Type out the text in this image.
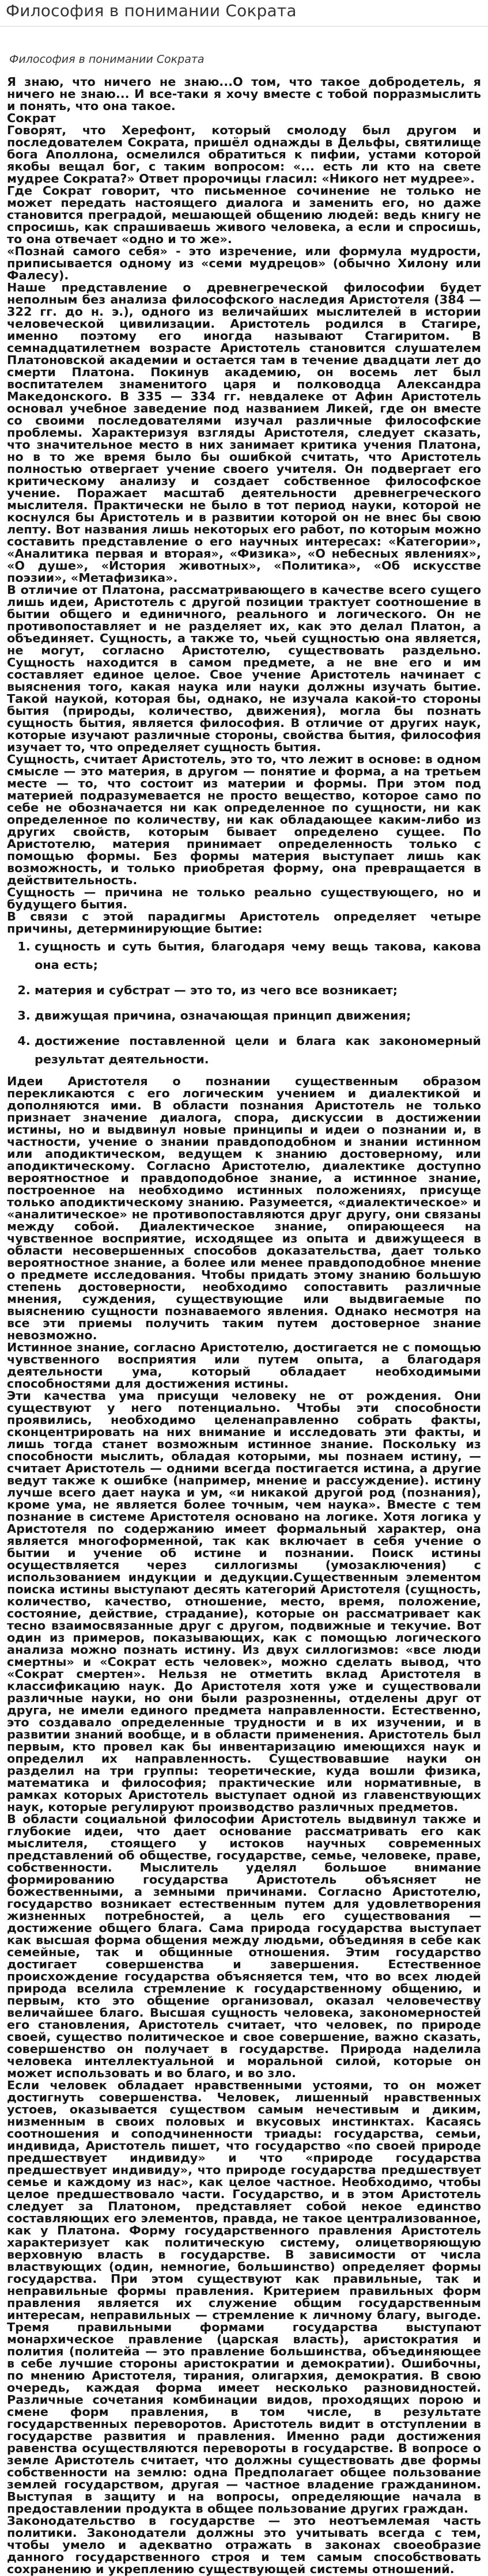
Философия в понимании Сократа
Философия в понимании Сократа

Я знаю, что ничего не знаю...О том, что такое добродетель, я ничего не знаю... И все-таки я хочу вместе с тобой порразмыслить и понять, что она такое.

Сократ

Говорят, что Херефонт, который смолоду был другом и последователем Сократа, пришёл однажды в Дельфы, святилище бога Аполлона, осмелился обратиться к пифии, устами которой якобы вещал бог, с таким вопросом: «... есть ли кто на свете мудрее Сократа?» Ответ пророчицы гласил: «Никого нет мудрее».

Где Сократ говорит, что письменное сочинение не только не может передать настоящего диалога и заменить его, но даже становится преградой, мешающей общению людей: ведь книгу не спросишь, как спрашиваешь живого человека, а если и спросишь, то она отвечает «одно и то же».

«Познай самого себя» - это изречение, или формула мудрости, приписывается одному из «семи мудрецов» (обычно Хилону или Фалесу).

Наше представление о древнегреческой философии будет неполным без анализа философского наследия Аристотеля (384 — 322 гг. до н. э.), одного из величайших мыслителей в истории человеческой цивилизации. Аристотель родился в Стагире, именно поэтому его иногда называют Стагиритом. В семнадцатилетнем возрасте Аристотель становится слушателем Платоновской академии и остается там в течение двадцати лет до смерти Платона. Покинув академию, он восемь лет был воспитателем знаменитого царя и полководца Александра Македонского. В 335 — 334 гг. невдалеке от Афин Аристотель основал учебное заведение под названием Ликей, где он вместе со своими последователями изучал различные философские проблемы. Характеризуя взгляды Аристотеля, следует сказать, что значительное место в них занимает критика учения Платона, но в то же время было бы ошибкой считать, что Аристотель полностью отвергает учение своего учителя. Он подвергает его критическому анализу и создает собственное философское учение. Поражает масштаб деятельности древнегреческого мыслителя. Практически не было в тот период науки, которой не коснулся бы Аристотель и в развитии которой он не внес бы свою лепту. Вот названия лишь некоторых его работ, по которым можно составить представление о его научных интересах: «Категории», «Аналитика первая и вторая», «Физика», «О небесных явлениях», «О душе», «История животных», «Политика», «Об искусстве поэзии», «Метафизика».

В отличие от Платона, рассматривающего в качестве всего сущего лишь идеи, Аристотель с другой позиции трактует соотношение в бытии общего и единичного, реального и логического. Он не противопоставляет и не разделяет их, как это делал Платон, а объединяет. Сущность, а также то, чьей сущностью она является, не могут, согласно Аристотелю, существовать раздельно. Сущность находится в самом предмете, а не вне его и им составляет единое целое. Свое учение Аристотель начинает с выяснения того, какая наука или науки должны изучать бытие. Такой наукой, которая бы, однако, не изучала какой-то стороны бытия (природы, количество, движения), могла бы познать сущность бытия, является философия. В отличие от других наук, которые изучают различные стороны, свойства бытия, философия изучает то, что определяет сущность бытия.

Сущность, считает Аристотель, это то, что лежит в основе: в одном смысле — это материя, в другом — понятие и форма, а на третьем месте — то, что состоит из материи и формы. При этом под материей подразумевается не просто вещество, которое само по себе не обозначается ни как определенное по сущности, ни как определенное по количеству, ни как обладающее каким-либо из других свойств, которым бывает определено сущее. По Аристотелю, материя принимает определенность только с помощью формы. Без формы материя выступает лишь как возможность, и только приобретая форму, она превращается в действительность.

Сущность — причина не только реально существующего, но и будущего бытия.

В связи с этой парадигмы Аристотель определяет четыре причины, детерминирующие бытие:

1. сущность и суть бытия, благодаря чему вещь такова, какова она есть;
2. материя и субстрат — это то, из чего все возникает;
3. движущая причина, означающая принцип движения;
4. достижение поставленной цели и блага как закономерный результат деятельности.

Идеи Аристотеля о познании существенным образом перекликаются с его логическим учением и диалектикой и дополняются ими. В области познания Аристотель не только признает значение диалога, спора, дискуссии в достижении истины, но и выдвинул новые принципы и идеи о познании и, в частности, учение о знании правдоподобном и знании истинном или аподиктическом, ведущем к знанию достоверному, или аподиктическому. Согласно Аристотелю, диалектике доступно вероятностное и правдоподобное знание, а истинное знание, построенное на необходимо истинных положениях, присуще только аподиктическому знанию. Разумеется, «диалектическое» и «аналитическое» не противопоставляются друг другу, они связаны между собой. Диалектическое знание, опирающееся на чувственное восприятие, исходящее из опыта и движущееся в области несовершенных способов доказательства, дает только вероятностное знание, а более или менее правдоподобное мнение о предмете исследования. Чтобы придать этому знанию большую степень достоверности, необходимо сопоставить различные мнения, суждения, существующие или выдвигаемые по выяснению сущности познаваемого явления. Однако несмотря на все эти приемы получить таким путем достоверное знание невозможно.

Истинное знание, согласно Аристотелю, достигается не с помощью чувственного восприятия или путем опыта, а благодаря деятельности ума, который обладает необходимыми способностями для достижения истины.

Эти качества ума присущи человеку не от рождения. Они существуют у него потенциально. Чтобы эти способности проявились, необходимо целенаправленно собрать факты, сконцентрировать на них внимание и исследовать эти факты, и лишь тогда станет возможным истинное знание. Поскольку из способности мыслить, обладая которыми, мы познаем истину, — считает Аристотель — одними всегда постигается истина, а другие ведут также к ошибке (например, мнение и рассуждение). истину лучше всего дает наука и ум, «и никакой другой род (познания), кроме ума, не является более точным, чем наука». Вместе с тем познание в системе Аристотеля основано на логике. Хотя логика у Аристотеля по содержанию имеет формальный характер, она является многоформенной, так как включает в себя учение о бытии и учение об истине и познании. Поиск истины осуществляется через силлогизмы (умозаключения) с использованием индукции и дедукции.Существенным элементом поиска истины выступают десять категорий Аристотеля (сущность, количество, качество, отношение, место, время, положение, состояние, действие, страдание), которые он рассматривает как тесно взаимосвязанные друг с другом, подвижные и текучие. Вот один из примеров, показывающих, как с помощью логического анализа можно познать истину. Из двух силлогизмов: «все люди смертны» и «Сократ есть человек», можно сделать вывод, что «Сократ смертен». Нельзя не отметить вклад Аристотеля в классификацию наук. До Аристотеля хотя уже и существовали различные науки, но они были разрозненны, отделены друг от друга, не имели единого предмета направленности. Естественно, это создавало определенные трудности и в их изучении, и в развитии знаний вообще, и в области применения. Аристотель был первым, кто провел как бы инвентаризацию имеющихся наук и определил их направленность. Существовавшие науки он разделил на три группы: теоретические, куда вошли физика, математика и философия; практические или нормативные, в рамках которых Аристотель выступает одной из главенствующих наук, которые регулируют производство различных предметов.

В области социальной философии Аристотель выдвинул также и глубокие идеи, что дает основание рассматривать его как мыслителя, стоящего у истоков научных современных представлений об обществе, государстве, семье, человеке, праве, собственности. Мыслитель уделял большое внимание формированию государства Аристотель объясняет не божественными, а земными причинами. Согласно Аристотелю, государство возникает естественным путем для удовлетворения жизненных потребностей, а цель его существования — достижение общего блага. Сама природа государства выступает как высшая форма общения между людьми, объединяя в себе как семейные, так и общинные отношения. Этим государство достигает совершенства и завершения. Естественное происхождение государства объясняется тем, что во всех людей природа вселила стремление к государственному общению, и первым, кто это общение организовал, оказал человечеству величайшее благо. Высшая сущность человека, закономерностей его становления, Аристотель считает, что человек, по природе своей, существо политическое и свое совершение, важно сказать, совершенство он получает в государстве. Природа наделила человека интеллектуальной и моральной силой, которые он может использовать и во благо, и во зло.

Если человек обладает нравственными устоями, то он может достигнуть совершенства. Человек, лишенный нравственных устоев, оказывается существом самым нечестивым и диким, низменным в своих половых и вкусовых инстинктах. Касаясь соотношения и соподчиненности триады: государства, семьи, индивида, Аристотель пишет, что государство «по своей природе предшествует индивиду» и что «природе государства предшествует индивиду», что природе государства предшествует семье и каждому из нас», как целое частное. Необходимо, чтобы целое предшествовало части. Государство, и в этом Аристотель следует за Платоном, представляет собой некое единство составляющих его элементов, правда, не такое централизованное, как у Платона. Форму государственного правления Аристотель характеризует как политическую систему, олицетворяющую верховную власть в государстве. В зависимости от числа властвующих (один, немногие, большинство) определяет формы государства. При этом существуют как правильные, так и неправильные формы правления. Критерием правильных форм правления является их служение общим государственным интересам, неправильных — стремление к личному благу, выгоде. Тремя правильными формами государства выступают монархическое правление (царская власть), аристократия и полития (политейа — это правление большинства, объединяющее в себе лучшие стороны аристократии и демократии). Ошибочны, по мнению Аристотеля, тирания, олигархия, демократия. В свою очередь, каждая форма имеет несколько разновидностей. Различные сочетания комбинации видов, проходящих порою и смене форм правления, в том числе, в результате государственных переворотов. Аристотель видит в отступлении в государстве развития и правления. Именно ради достижения равенства осуществляются перевороты в государстве. В вопросе о земле Аристотель считает, что должны существовать две формы собственности на землю: одна Предполагает общее пользование землей государством, другая — частное владение гражданином. Выступая в защиту и на вопросы, определяющие начала в предоставлении продукта в общее пользование других граждан.

Законодательство в государстве — это неотъемлемая часть политики. Законодатели должны это учитывать всегда с тем, чтобы умело и адекватно отражать в законах своеобразие данного государственного строя и тем самым способствовать сохранению и укреплению существующей системы отношений.
